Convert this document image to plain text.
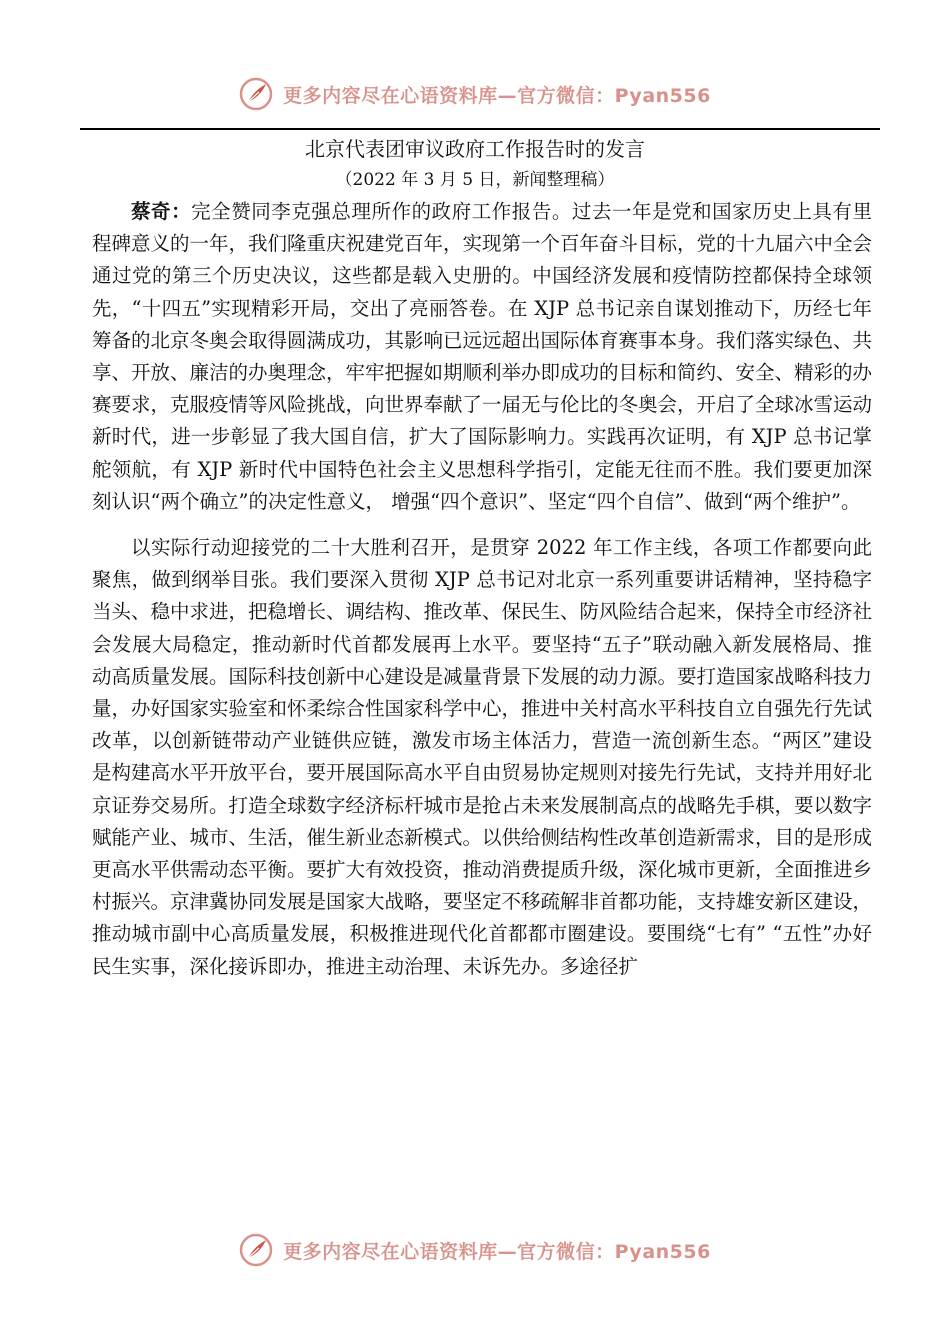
更多内容尽在心语资料库—官方微信：Pyan556
北京代表团审议政府工作报告时的发言
（2022 年 3 月 5 日，新闻整理稿）

蔡奇：完全赞同李克强总理所作的政府工作报告。过去一年是党和国家历史上具有里程碑意义的一年，我们隆重庆祝建党百年，实现第一个百年奋斗目标，党的十九届六中全会通过党的第三个历史决议，这些都是载入史册的。中国经济发展和疫情防控都保持全球领先，“十四五”实现精彩开局，交出了亮丽答卷。在 XJP 总书记亲自谋划推动下，历经七年筹备的北京冬奥会取得圆满成功，其影响已远远超出国际体育赛事本身。我们落实绿色、共享、开放、廉洁的办奥理念，牢牢把握如期顺利举办即成功的目标和简约、安全、精彩的办赛要求，克服疫情等风险挑战，向世界奉献了一届无与伦比的冬奥会，开启了全球冰雪运动新时代，进一步彰显了我大国自信，扩大了国际影响力。实践再次证明，有 XJP 总书记掌舵领航，有 XJP 新时代中国特色社会主义思想科学指引，定能无往而不胜。我们要更加深刻认识“两个确立”的决定性意义， 增强“四个意识”、坚定“四个自信”、做到“两个维护”。

以实际行动迎接党的二十大胜利召开，是贯穿 2022 年工作主线，各项工作都要向此聚焦，做到纲举目张。我们要深入贯彻 XJP 总书记对北京一系列重要讲话精神，坚持稳字当头、稳中求进，把稳增长、调结构、推改革、保民生、防风险结合起来，保持全市经济社会发展大局稳定，推动新时代首都发展再上水平。要坚持“五子”联动融入新发展格局、推动高质量发展。国际科技创新中心建设是减量背景下发展的动力源。要打造国家战略科技力量，办好国家实验室和怀柔综合性国家科学中心，推进中关村高水平科技自立自强先行先试改革，以创新链带动产业链供应链，激发市场主体活力，营造一流创新生态。“两区”建设是构建高水平开放平台，要开展国际高水平自由贸易协定规则对接先行先试，支持并用好北京证券交易所。打造全球数字经济标杆城市是抢占未来发展制高点的战略先手棋，要以数字赋能产业、城市、生活，催生新业态新模式。以供给侧结构性改革创造新需求，目的是形成更高水平供需动态平衡。要扩大有效投资，推动消费提质升级，深化城市更新，全面推进乡村振兴。京津冀协同发展是国家大战略，要坚定不移疏解非首都功能，支持雄安新区建设， 推动城市副中心高质量发展，积极推进现代化首都都市圈建设。要围绕“七有” “五性”办好民生实事，深化接诉即办，推进主动治理、未诉先办。多途径扩

更多内容尽在心语资料库—官方微信：Pyan556
